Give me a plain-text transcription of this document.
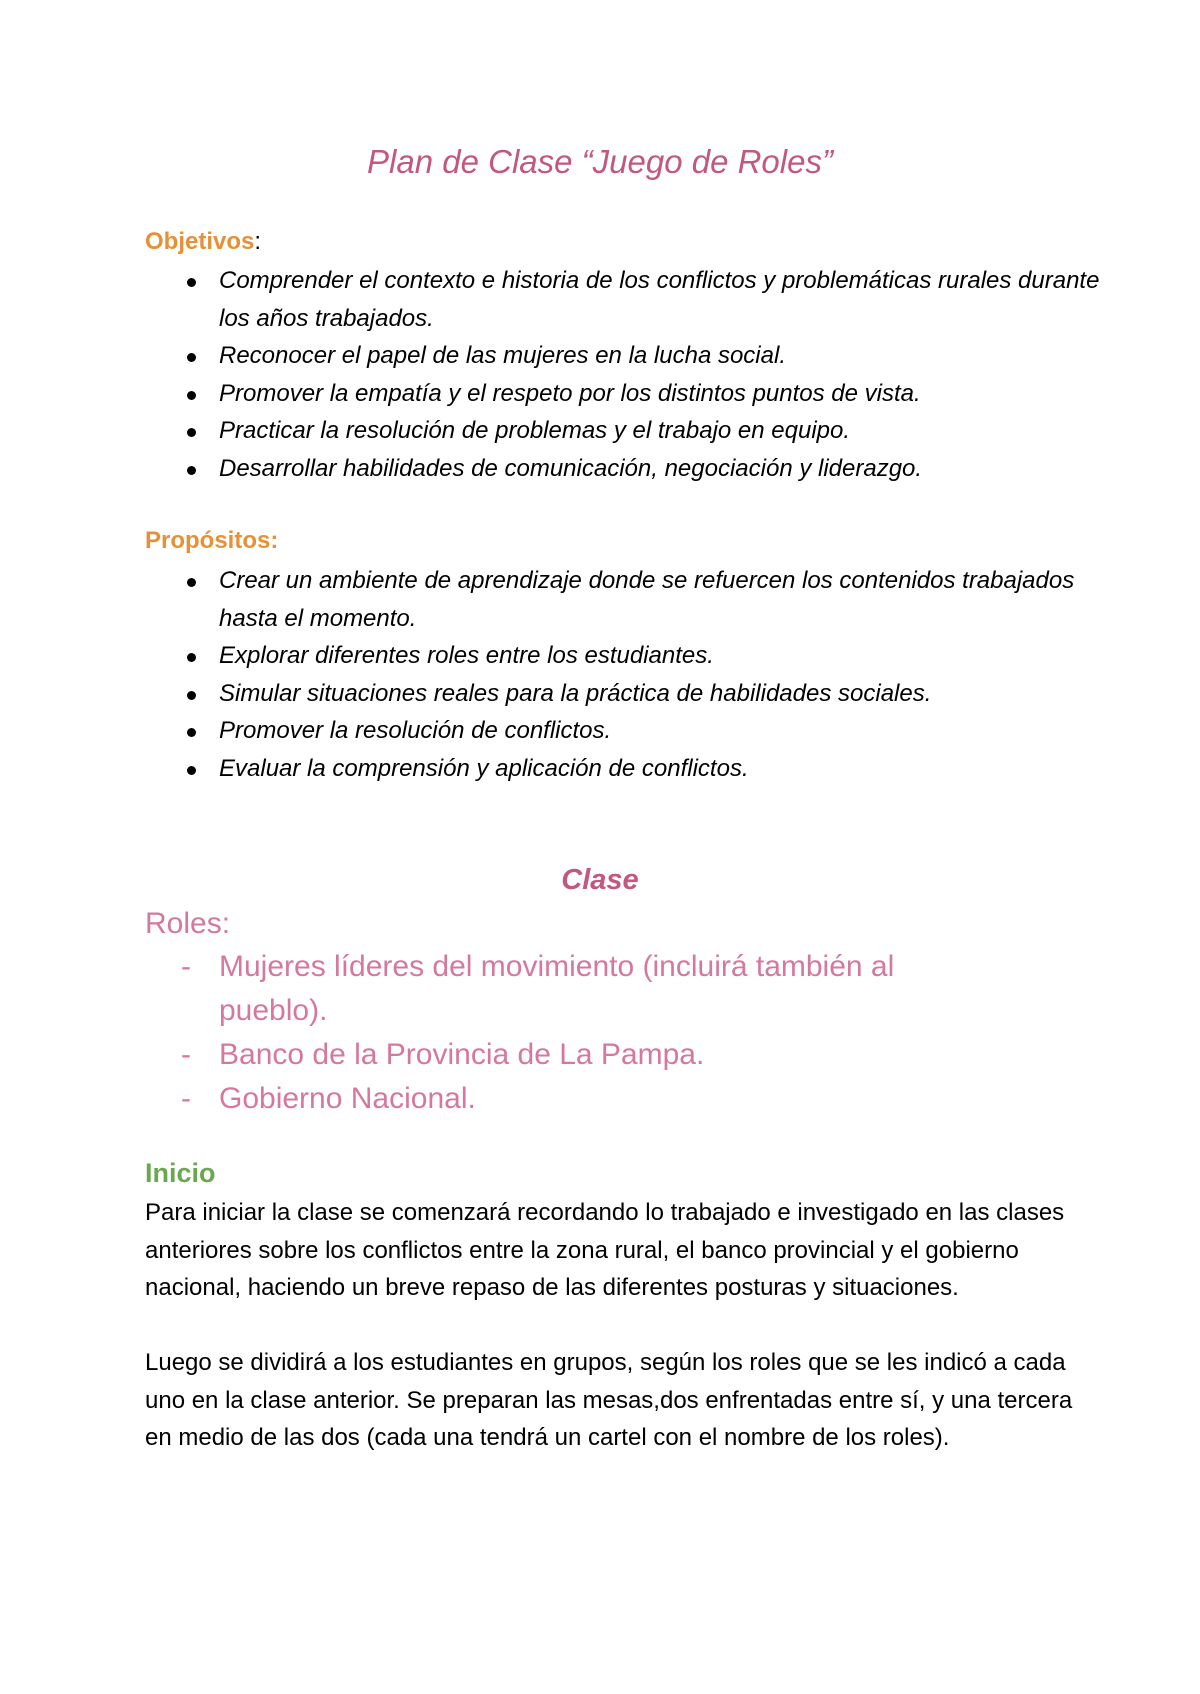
Plan de Clase “Juego de Roles”
Objetivos:
Comprender el contexto e historia de los conflictos y problemáticas rurales durante los años trabajados.
Reconocer el papel de las mujeres en la lucha social.
Promover la empatía y el respeto por los distintos puntos de vista.
Practicar la resolución de problemas y el trabajo en equipo.
Desarrollar habilidades de comunicación, negociación y liderazgo.
Propósitos:
Crear un ambiente de aprendizaje donde se refuercen los contenidos trabajados hasta el momento.
Explorar diferentes roles entre los estudiantes.
Simular situaciones reales para la práctica de habilidades sociales.
Promover la resolución de conflictos.
Evaluar la comprensión y aplicación de conflictos.
Clase

Roles:

- Mujeres líderes del movimiento (incluirá también al pueblo).
- Banco de la Provincia de La Pampa.
- Gobierno Nacional.
Inicio

Para iniciar la clase se comenzará recordando lo trabajado e investigado en las clases anteriores sobre los conflictos entre la zona rural, el banco provincial y el gobierno nacional, haciendo un breve repaso de las diferentes posturas y situaciones.

Luego se dividirá a los estudiantes en grupos, según los roles que se les indicó a cada uno en la clase anterior. Se preparan las mesas,dos enfrentadas entre sí, y una tercera en medio de las dos (cada una tendrá un cartel con el nombre de los roles).
